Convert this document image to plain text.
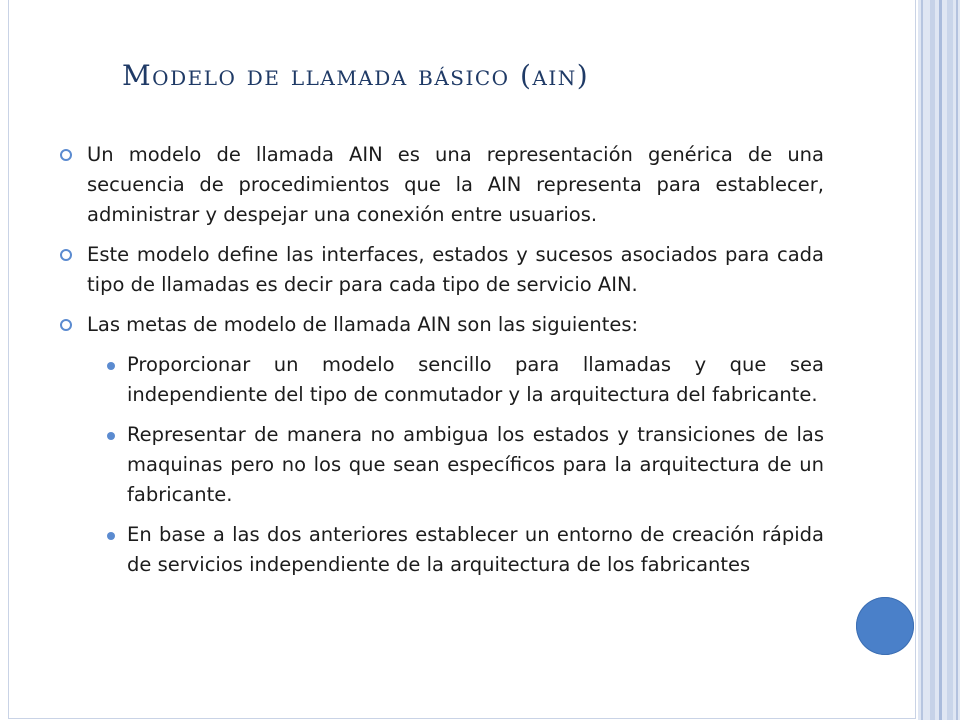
Modelo de llamada básico (ain)
Un modelo de llamada AIN es una representación genérica de una secuencia de procedimientos que la AIN representa para establecer, administrar y despejar una conexión entre usuarios.
Este modelo define las interfaces, estados y sucesos asociados para cada tipo de llamadas es decir para cada tipo de servicio AIN.
Las metas de modelo de llamada AIN son las siguientes:
Proporcionar un modelo sencillo para llamadas y que sea independiente del tipo de conmutador y la arquitectura del fabricante.
Representar de manera no ambigua los estados y transiciones de las maquinas pero no los que sean específicos para la arquitectura de un fabricante.
En base a las dos anteriores establecer un entorno de creación rápida de servicios independiente de la arquitectura de los fabricantes
